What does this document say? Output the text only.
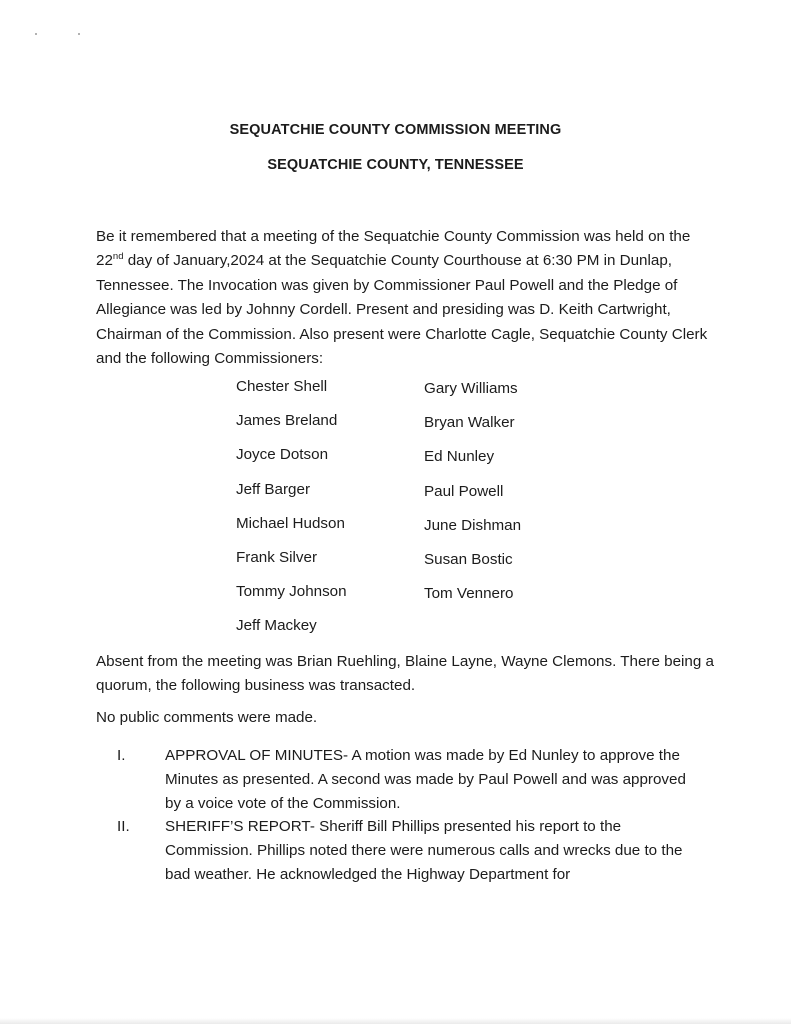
SEQUATCHIE COUNTY COMMISSION MEETING
SEQUATCHIE COUNTY, TENNESSEE
Be it remembered that a meeting of the Sequatchie County Commission was held on the 22nd day of January,2024 at the Sequatchie County Courthouse at 6:30 PM in Dunlap, Tennessee. The Invocation was given by Commissioner Paul Powell and the Pledge of Allegiance was led by Johnny Cordell. Present and presiding was D. Keith Cartwright, Chairman of the Commission. Also present were Charlotte Cagle, Sequatchie County Clerk and the following Commissioners:
Chester Shell
James Breland
Joyce Dotson
Jeff Barger
Michael Hudson
Frank Silver
Tommy Johnson
Jeff Mackey
Gary Williams
Bryan Walker
Ed Nunley
Paul Powell
June Dishman
Susan Bostic
Tom Vennero
Absent from the meeting was Brian Ruehling, Blaine Layne, Wayne Clemons. There being a quorum, the following business was transacted.
No public comments were made.
I.	APPROVAL OF MINUTES- A motion was made by Ed Nunley to approve the Minutes as presented. A second was made by Paul Powell and was approved by a voice vote of the Commission.
II.	SHERIFF’S REPORT- Sheriff Bill Phillips presented his report to the Commission. Phillips noted there were numerous calls and wrecks due to the bad weather. He acknowledged the Highway Department for
